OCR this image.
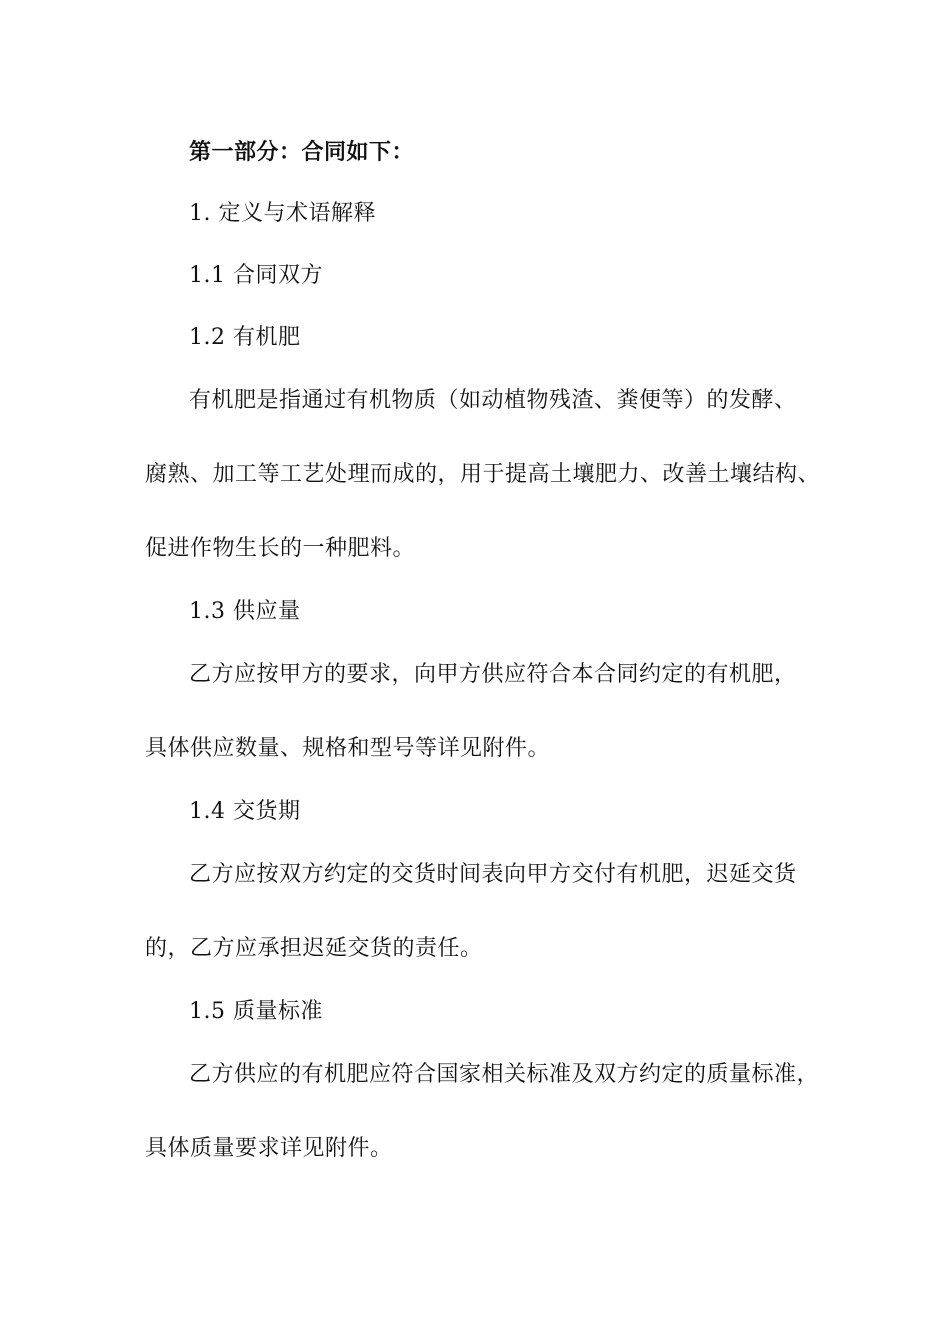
第一部分：合同如下：
1. 定义与术语解释
1.1 合同双方
1.2 有机肥
有机肥是指通过有机物质（如动植物残渣、粪便等）的发酵、
腐熟、加工等工艺处理而成的，用于提高土壤肥力、改善土壤结构、
促进作物生长的一种肥料。
1.3 供应量
乙方应按甲方的要求，向甲方供应符合本合同约定的有机肥，
具体供应数量、规格和型号等详见附件。
1.4 交货期
乙方应按双方约定的交货时间表向甲方交付有机肥，迟延交货
的，乙方应承担迟延交货的责任。
1.5 质量标准
乙方供应的有机肥应符合国家相关标准及双方约定的质量标准，
具体质量要求详见附件。
